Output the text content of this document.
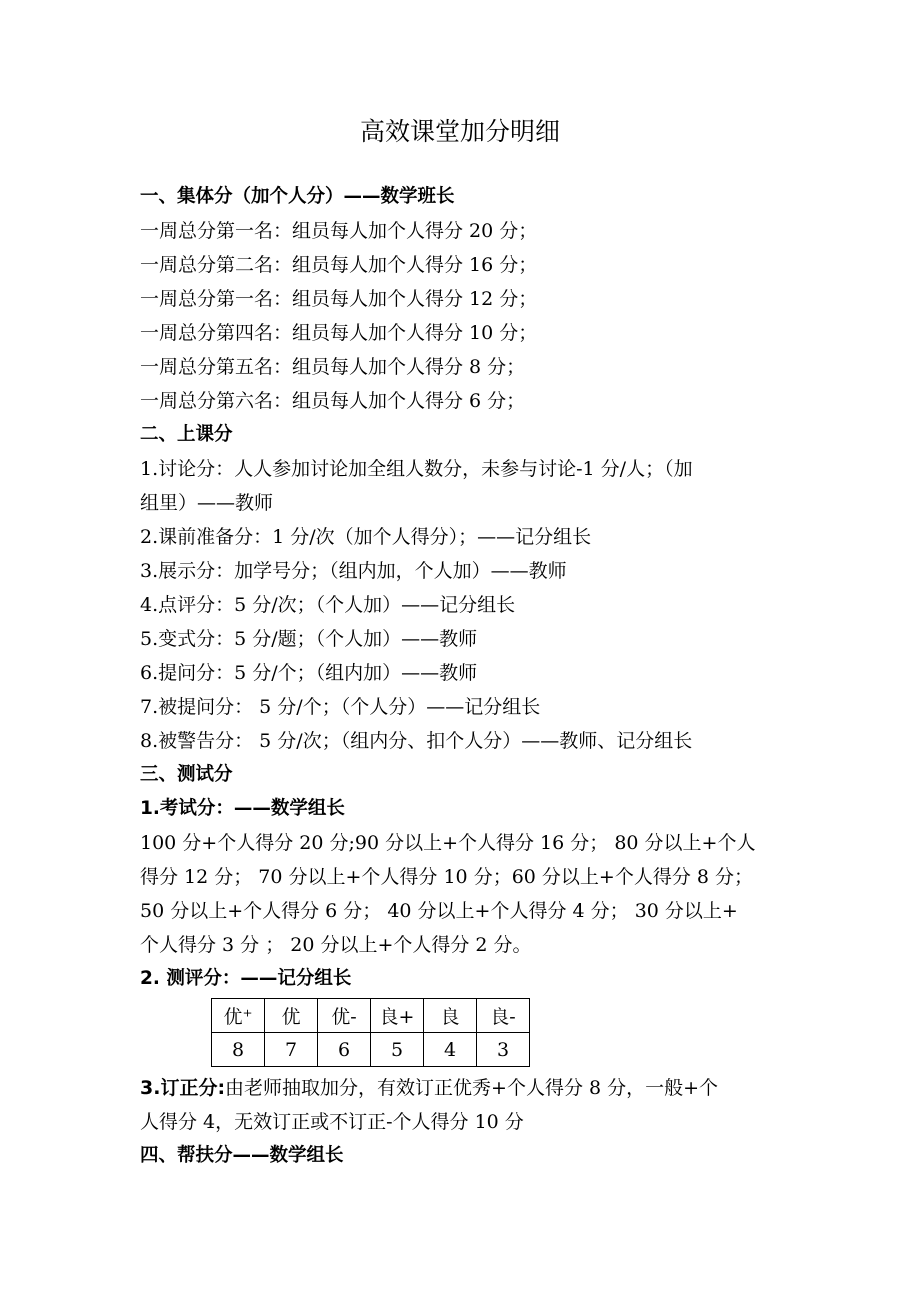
高效课堂加分明细
一、集体分（加个人分）——数学班长
一周总分第一名：组员每人加个人得分 20 分；
一周总分第二名：组员每人加个人得分 16 分；
一周总分第一名：组员每人加个人得分 12 分；
一周总分第四名：组员每人加个人得分 10 分；
一周总分第五名：组员每人加个人得分 8 分；
一周总分第六名：组员每人加个人得分 6 分；
二、上课分
1.讨论分：人人参加讨论加全组人数分，未参与讨论-1 分/人；（加
组里）——教师
2.课前准备分：1 分/次（加个人得分）；——记分组长
3.展示分：加学号分；（组内加，个人加）——教师
4.点评分：5 分/次；（个人加）——记分组长
5.变式分：5 分/题；（个人加）——教师
6.提问分：5 分/个；（组内加）——教师
7.被提问分： 5 分/个；（个人分）——记分组长
8.被警告分： 5 分/次；（组内分、扣个人分）——教师、记分组长
三、测试分
1.考试分：——数学组长
100 分+个人得分 20 分;90 分以上+个人得分 16 分； 80 分以上+个人
得分 12 分； 70 分以上+个人得分 10 分；60 分以上+个人得分 8 分；
50 分以上+个人得分 6 分； 40 分以上+个人得分 4 分； 30 分以上+
个人得分 3 分 ； 20 分以上+个人得分 2 分。
2. 测评分：——记分组长
优⁺	优	优-	良+	良	良-
8	7	6	5	4	3
3.订正分:由老师抽取加分，有效订正优秀+个人得分 8 分，一般+个
人得分 4，无效订正或不订正-个人得分 10 分
四、帮扶分——数学组长
